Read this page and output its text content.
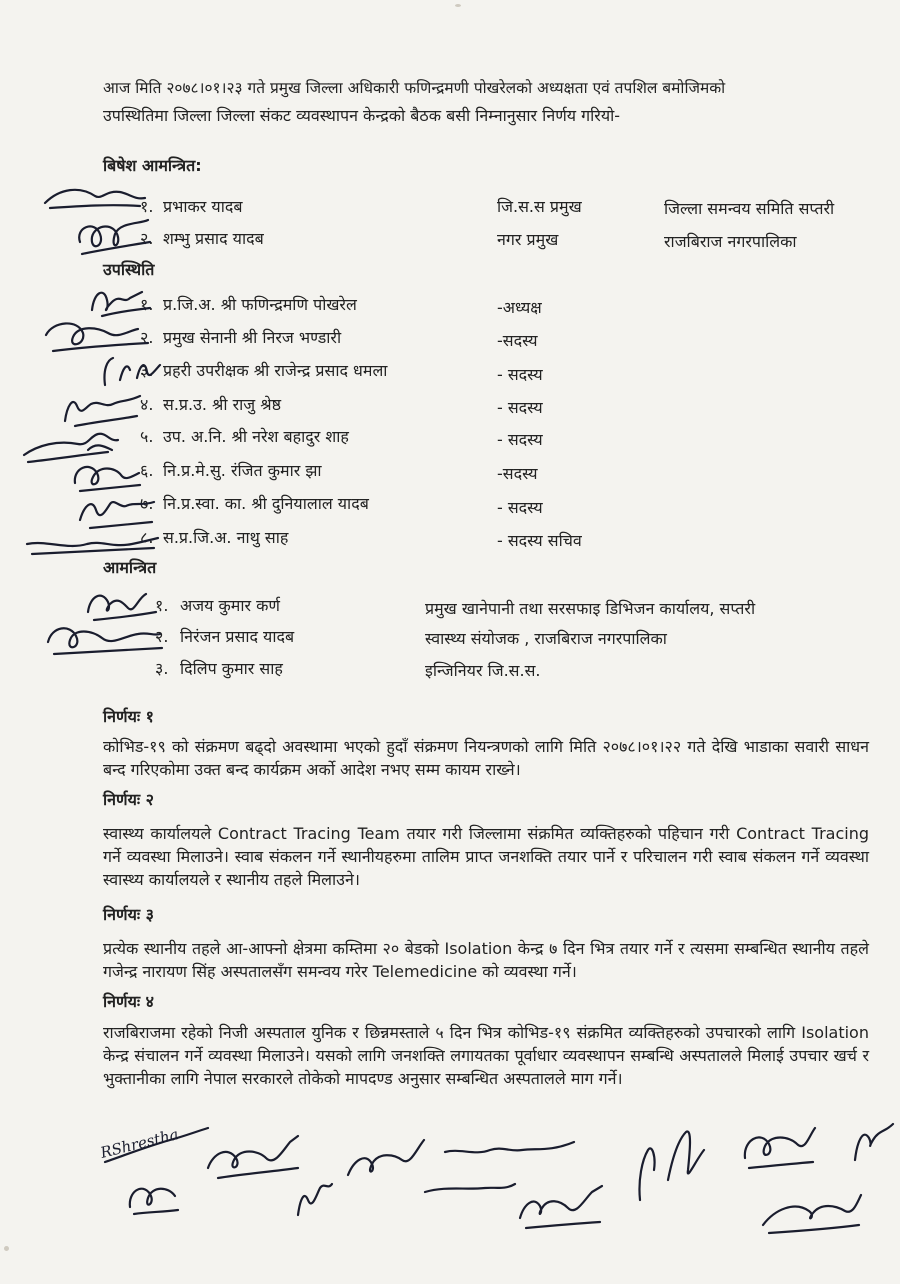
आज मिति २०७८।०१।२३ गते प्रमुख जिल्ला अधिकारी फणिन्द्रमणी पोखरेलको अध्यक्षता एवं तपशिल बमोजिमको
उपस्थितिमा जिल्ला जिल्ला संकट व्यवस्थापन केन्द्रको बैठक बसी निम्नानुसार निर्णय गरियो-
बिषेश आमन्त्रित:
१. प्रभाकर यादब	जि.स.स प्रमुख	जिल्ला समन्वय समिति सप्तरी
२. शम्भु प्रसाद यादब	नगर प्रमुख	राजबिराज नगरपालिका
उपस्थिति
१. प्र.जि.अ. श्री फणिन्द्रमणि पोखरेल	-अध्यक्ष
२. प्रमुख सेनानी श्री निरज भण्डारी	-सदस्य
३. प्रहरी उपरीक्षक श्री राजेन्द्र प्रसाद धमला	- सदस्य
४. स.प्र.उ. श्री राजु श्रेष्ठ	- सदस्य
५. उप. अ.नि. श्री नरेश बहादुर शाह	- सदस्य
६. नि.प्र.मे.सु. रंजित कुमार झा	-सदस्य
७. नि.प्र.स्वा. का. श्री दुनियालाल यादब	- सदस्य
८. स.प्र.जि.अ. नाथु साह	- सदस्य सचिव
आमन्त्रित
१. अजय कुमार कर्ण	प्रमुख खानेपानी तथा सरसफाइ डिभिजन कार्यालय, सप्तरी
२. निरंजन प्रसाद यादब	स्वास्थ्य संयोजक , राजबिराज नगरपालिका
३. दिलिप कुमार साह	इन्जिनियर जि.स.स.
निर्णयः १
कोभिड-१९ को संक्रमण बढ्दो अवस्थामा भएको हुदाँ संक्रमण नियन्त्रणको लागि मिति २०७८।०१।२२ गते देखि भाडाका सवारी साधन बन्द गरिएकोमा उक्त बन्द कार्यक्रम अर्को आदेश नभए सम्म कायम राख्ने।
निर्णयः २
स्वास्थ्य कार्यालयले Contract Tracing Team तयार गरी जिल्लामा संक्रमित व्यक्तिहरुको पहिचान गरी Contract Tracing गर्ने व्यवस्था मिलाउने। स्वाब संकलन गर्ने स्थानीयहरुमा तालिम प्राप्त जनशक्ति तयार पार्ने र परिचालन गरी स्वाब संकलन गर्ने व्यवस्था स्वास्थ्य कार्यालयले र स्थानीय तहले मिलाउने।
निर्णयः ३
प्रत्येक स्थानीय तहले आ-आफ्नो क्षेत्रमा कम्तिमा २० बेडको Isolation केन्द्र ७ दिन भित्र तयार गर्ने र त्यसमा सम्बन्धित स्थानीय तहले गजेन्द्र नारायण सिंह अस्पतालसँग समन्वय गरेर Telemedicine को व्यवस्था गर्ने।
निर्णयः ४
राजबिराजमा रहेको निजी अस्पताल युनिक र छिन्नमस्ताले ५ दिन भित्र कोभिड-१९ संक्रमित व्यक्तिहरुको उपचारको लागि Isolation केन्द्र संचालन गर्ने व्यवस्था मिलाउने। यसको लागि जनशक्ति लगायतका पूर्वाधार व्यवस्थापन सम्बन्धि अस्पतालले मिलाई उपचार खर्च र भुक्तानीका लागि नेपाल सरकारले तोकेको मापदण्ड अनुसार सम्बन्धित अस्पतालले माग गर्ने।
RShrestha
